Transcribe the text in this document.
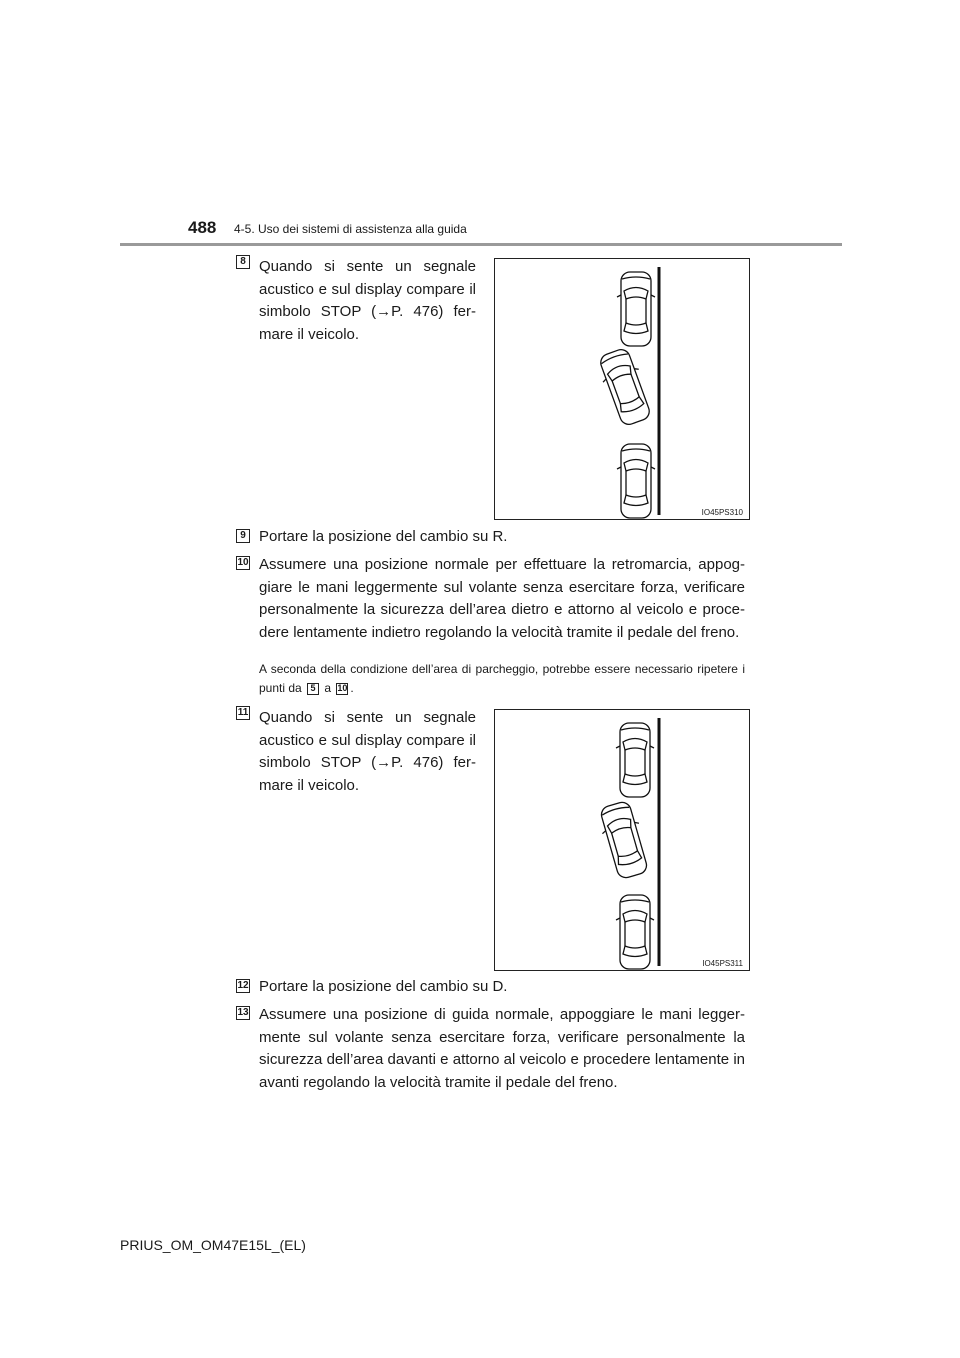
488 4-5. Uso dei sistemi di assistenza alla guida
8 Quando si sente un segnale acustico e sul display compare il simbolo STOP (→P. 476) fer-mare il veicolo.
IO45PS310
9 Portare la posizione del cambio su R.
10 Assumere una posizione normale per effettuare la retromarcia, appog-giare le mani leggermente sul volante senza esercitare forza, verificare personalmente la sicurezza dell’area dietro e attorno al veicolo e proce-dere lentamente indietro regolando la velocità tramite il pedale del freno.
A seconda della condizione dell’area di parcheggio, potrebbe essere necessario ripetere i punti da 5 a 10 .
11 Quando si sente un segnale acustico e sul display compare il simbolo STOP (→P. 476) fer-mare il veicolo.
IO45PS311
12 Portare la posizione del cambio su D.
13 Assumere una posizione di guida normale, appoggiare le mani legger-mente sul volante senza esercitare forza, verificare personalmente la sicurezza dell’area davanti e attorno al veicolo e procedere lentamente in avanti regolando la velocità tramite il pedale del freno.
PRIUS_OM_OM47E15L_(EL)
